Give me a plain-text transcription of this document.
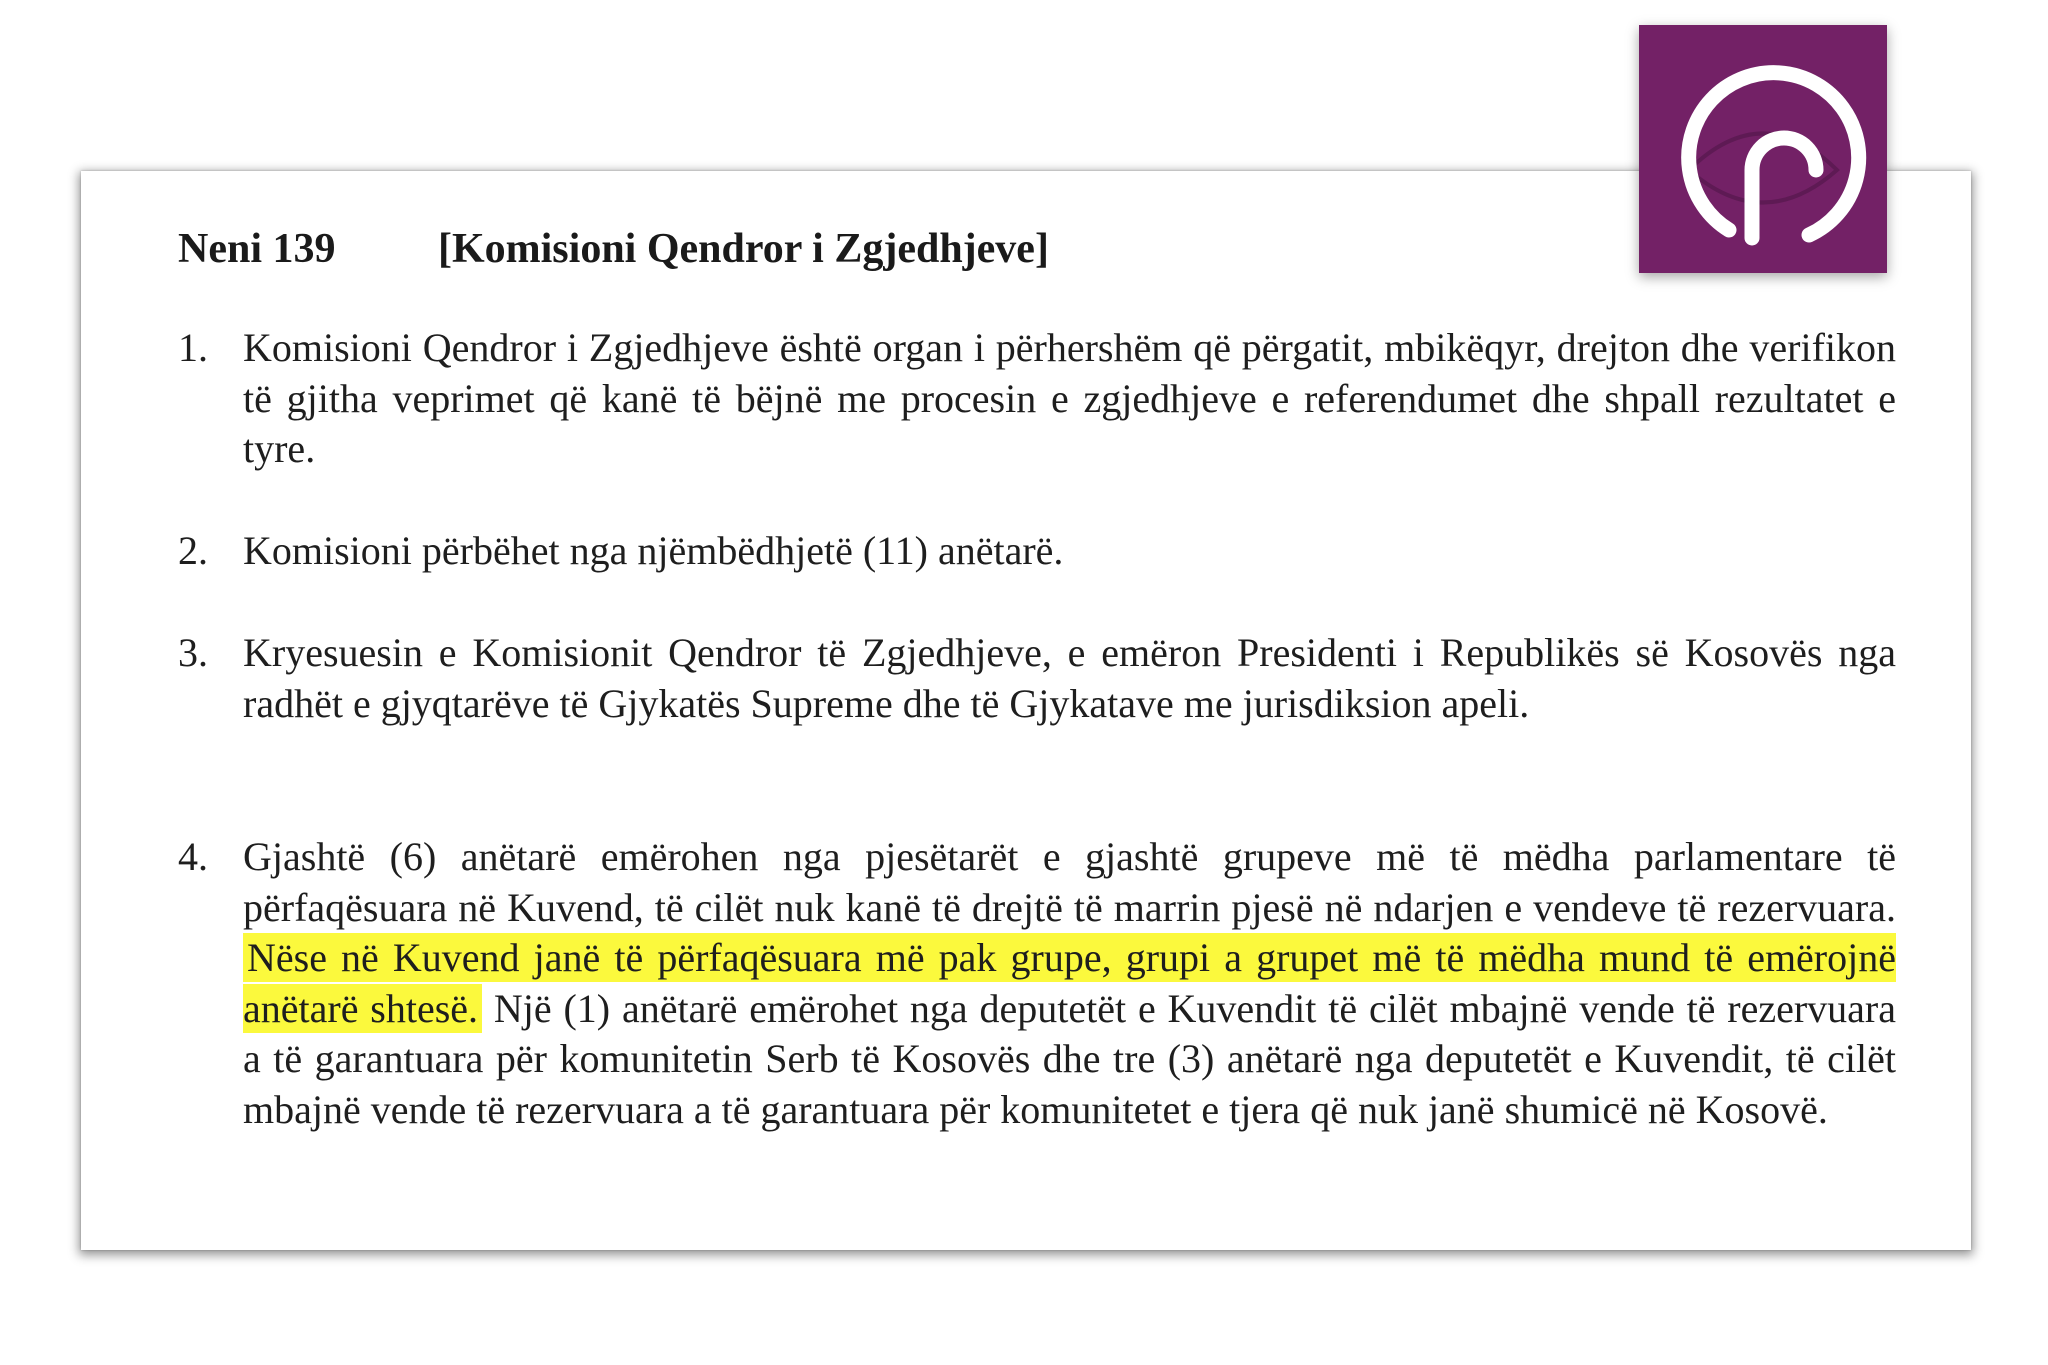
Neni 139 [Komisioni Qendror i Zgjedhjeve]
1. Komisioni Qendror i Zgjedhjeve është organ i përhershëm që përgatit, mbikëqyr, drejton dhe verifikon të gjitha veprimet që kanë të bëjnë me procesin e zgjedhjeve e referendumet dhe shpall rezultatet e tyre.
2. Komisioni përbëhet nga njëmbëdhjetë (11) anëtarë.
3. Kryesuesin e Komisionit Qendror të Zgjedhjeve, e emëron Presidenti i Republikës së Kosovës nga radhët e gjyqtarëve të Gjykatës Supreme dhe të Gjykatave me jurisdiksion apeli.
4. Gjashtë (6) anëtarë emërohen nga pjesëtarët e gjashtë grupeve më të mëdha parlamentare të përfaqësuara në Kuvend, të cilët nuk kanë të drejtë të marrin pjesë në ndarjen e vendeve të rezervuara. Nëse në Kuvend janë të përfaqësuara më pak grupe, grupi a grupet më të mëdha mund të emërojnë anëtarë shtesë. Një (1) anëtarë emërohet nga deputetët e Kuvendit të cilët mbajnë vende të rezervuara a të garantuara për komunitetin Serb të Kosovës dhe tre (3) anëtarë nga deputetët e Kuvendit, të cilët mbajnë vende të rezervuara a të garantuara për komunitetet e tjera që nuk janë shumicë në Kosovë.
